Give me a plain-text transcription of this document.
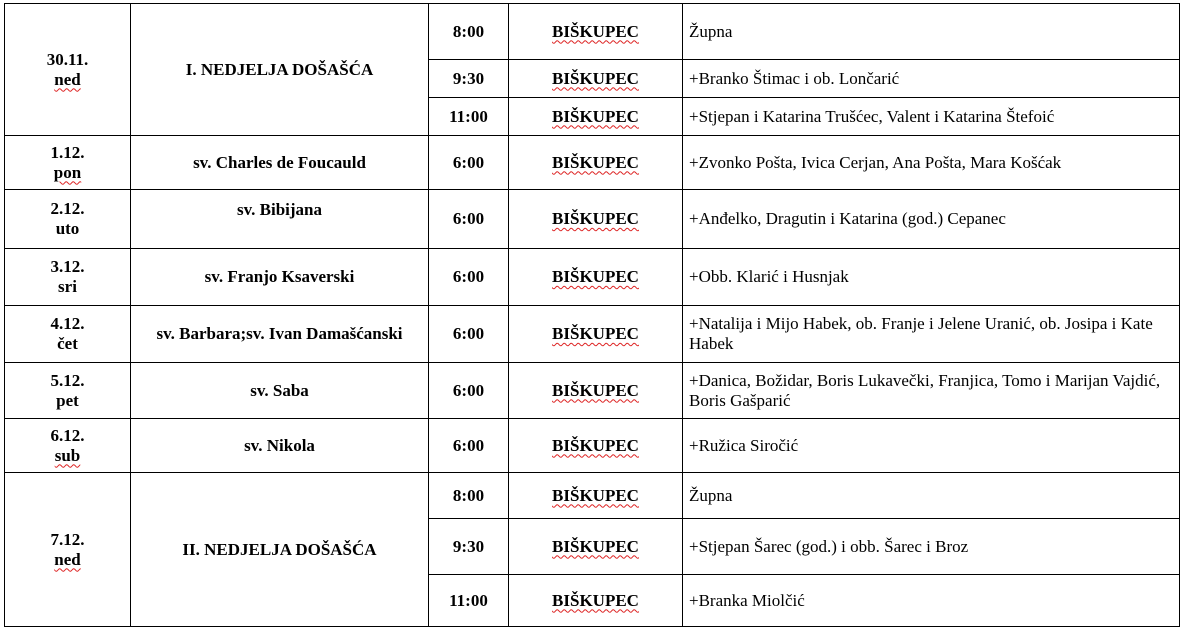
30.11.
ned	I. NEDJELJA DOŠAŠĆA	8:00	BIŠKUPEC	Župna
		9:30	BIŠKUPEC	+Branko Štimac i ob. Lončarić
		11:00	BIŠKUPEC	+Stjepan i Katarina Trušćec, Valent i Katarina Štefoić

1.12.
pon	sv. Charles de Foucauld	6:00	BIŠKUPEC	+Zvonko Pošta, Ivica Cerjan, Ana Pošta, Mara Košćak

2.12.
uto	sv. Bibijana	6:00	BIŠKUPEC	+Anđelko, Dragutin i Katarina (god.) Cepanec

3.12.
sri	sv. Franjo Ksaverski	6:00	BIŠKUPEC	+Obb. Klarić i Husnjak

4.12.
čet	sv. Barbara;sv. Ivan Damašćanski	6:00	BIŠKUPEC	+Natalija i Mijo Habek, ob. Franje i Jelene Uranić, ob. Josipa i Kate Habek

5.12.
pet	sv. Saba	6:00	BIŠKUPEC	+Danica, Božidar, Boris Lukavečki, Franjica, Tomo i Marijan Vajdić, Boris Gašparić

6.12.
sub	sv. Nikola	6:00	BIŠKUPEC	+Ružica Siročić

7.12.
ned	II. NEDJELJA DOŠAŠĆA	8:00	BIŠKUPEC	Župna
		9:30	BIŠKUPEC	+Stjepan Šarec (god.) i obb. Šarec i Broz
		11:00	BIŠKUPEC	+Branka Miolčić
